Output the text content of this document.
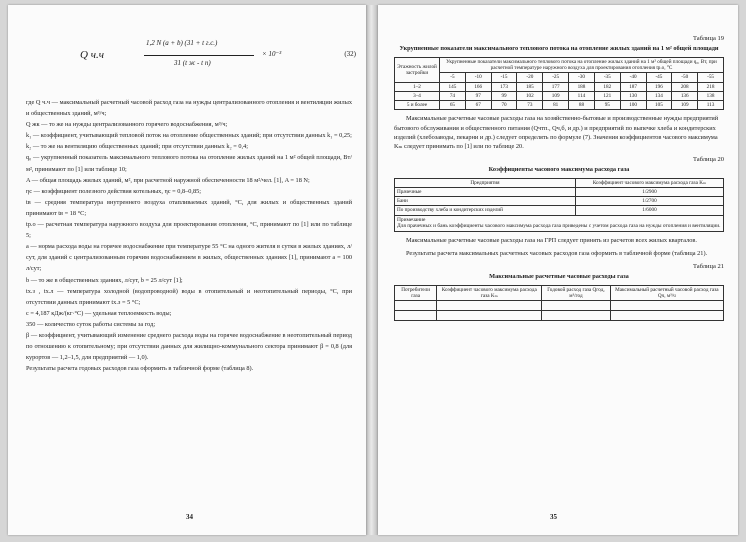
Q ч.ч
1,2 N (a + b) (31 + t г.с.)
31 (t ж - t п)
× 10⁻³	(32)
где Q ч.ч — максимальный расчетный часовой расход газа на нужды централизованного отопления и вентиляции жилых и общественных зданий, м³/ч;
Q жк — то же на нужды централизованного горячего водоснабжения, м³/ч;
k₁ — коэффициент, учитывающий тепловой поток на отопление общественных зданий; при отсутствии данных k₁ = 0,25;
k₂ — то же на вентиляцию общественных зданий; при отсутствии данных k₂ = 0,4;
q₀ — укрупненный показатель максимального теплового потока на отопление жилых зданий на 1 м² общей площади, Вт/м², принимают по [1] или таблице 10;
A — общая площадь жилых зданий, м², при расчетной наружной обеспеченности 18 м²/чел. [1], A = 18 N;
ηс — коэффициент полезного действия котельных, ηс = 0,8–0,85;
tв — средняя температура внутреннего воздуха отапливаемых зданий, °С, для жилых и общественных зданий принимают tв = 18 °С;
tр.о — расчетная температура наружного воздуха для проектирования отопления, °С, принимают по [1] или по таблице 5;
a — норма расхода воды на горячее водоснабжение при температуре 55 °С на одного жителя в сутки в жилых зданиях, л/сут, для зданий с централизованным горячим водоснабжением в жилых, общественных зданиях [1], принимают a = 100 л/сут;
b — то же в общественных зданиях, л/сут, b = 25 л/сут [1];
tх.з , tх.л — температура холодной (водопроводной) воды в отопительный и неотопительный периоды, °С, при отсутствии данных принимают tх.з = 5 °С;
c = 4,187 кДж/(кг·°С) — удельная теплоемкость воды;
350 — количество суток работы системы за год;
β — коэффициент, учитывающий изменение среднего расхода воды на горячее водоснабжение в неотопительный период по отношению к отопительному; при отсутствии данных для жилищно-коммунального сектора принимают β = 0,8 (для курортов — 1,2–1,5, для предприятий — 1,0).
Результаты расчета годовых расходов газа оформить в табличной форме (таблица 8).
34
Таблица 19
Укрупненные показатели максимального теплового потока на отопление жилых зданий на 1 м² общей площади
Этажность жилой застройки	Укрупненные показатели максимального теплового потока на отопление жилых зданий на 1 м² общей площади q₀, Вт, при расчетной температуре наружного воздуха для проектирования отопления tр.о, °С										
	-5	-10	-15	-20	-25	-30	-35	-40	-45	-50	-55
1–2	145	166	173	185	177	188	182	187	196	208	218
3–4	74	97	99	102	109	114	121	130	134	136	138
5 и более	65	67	70	73	81	88	95	100	105	109	113

Максимальные расчетные часовые расходы газа на хозяйственно-бытовые и производственные нужды предприятий бытового обслуживания и общественного питания (Qчтп., Qч,б, и др.) и предприятий по выпечке хлеба и кондитерских изделий (хлебозаводы, пекарни и др.) следует определять по формуле (7). Значения коэффициентов часового максимума Kₘ следует принимать по [1] или по таблице 20.

Таблица 20
Коэффициенты часового максимума расхода газа
Предприятия	Коэффициент часового максимума расхода газа Kₘ
Прачечные	1/2900
Бани	1/2700
По производству хлеба и кондитерских изделий	1/6000
Примечание
Для прачечных и бань коэффициенты часового максимума расхода газа приведены с учетом расхода газа на нужды отопления и вентиляции.	

Максимальные расчетные часовые расходы газа на ГРП следует принять из расчетов всех жилых кварталов.

Результаты расчета максимальных расчетных часовых расходов газа оформить в табличной форме (таблица 21).

Таблица 21
Максимальные расчетные часовые расходы газа
Потребители газа	Коэффициент часового максимума расхода газа Kₘ	Годовой расход газа Qгод, м³/год	Максимальный расчетный часовой расход газа Qч, м³/ч

35
